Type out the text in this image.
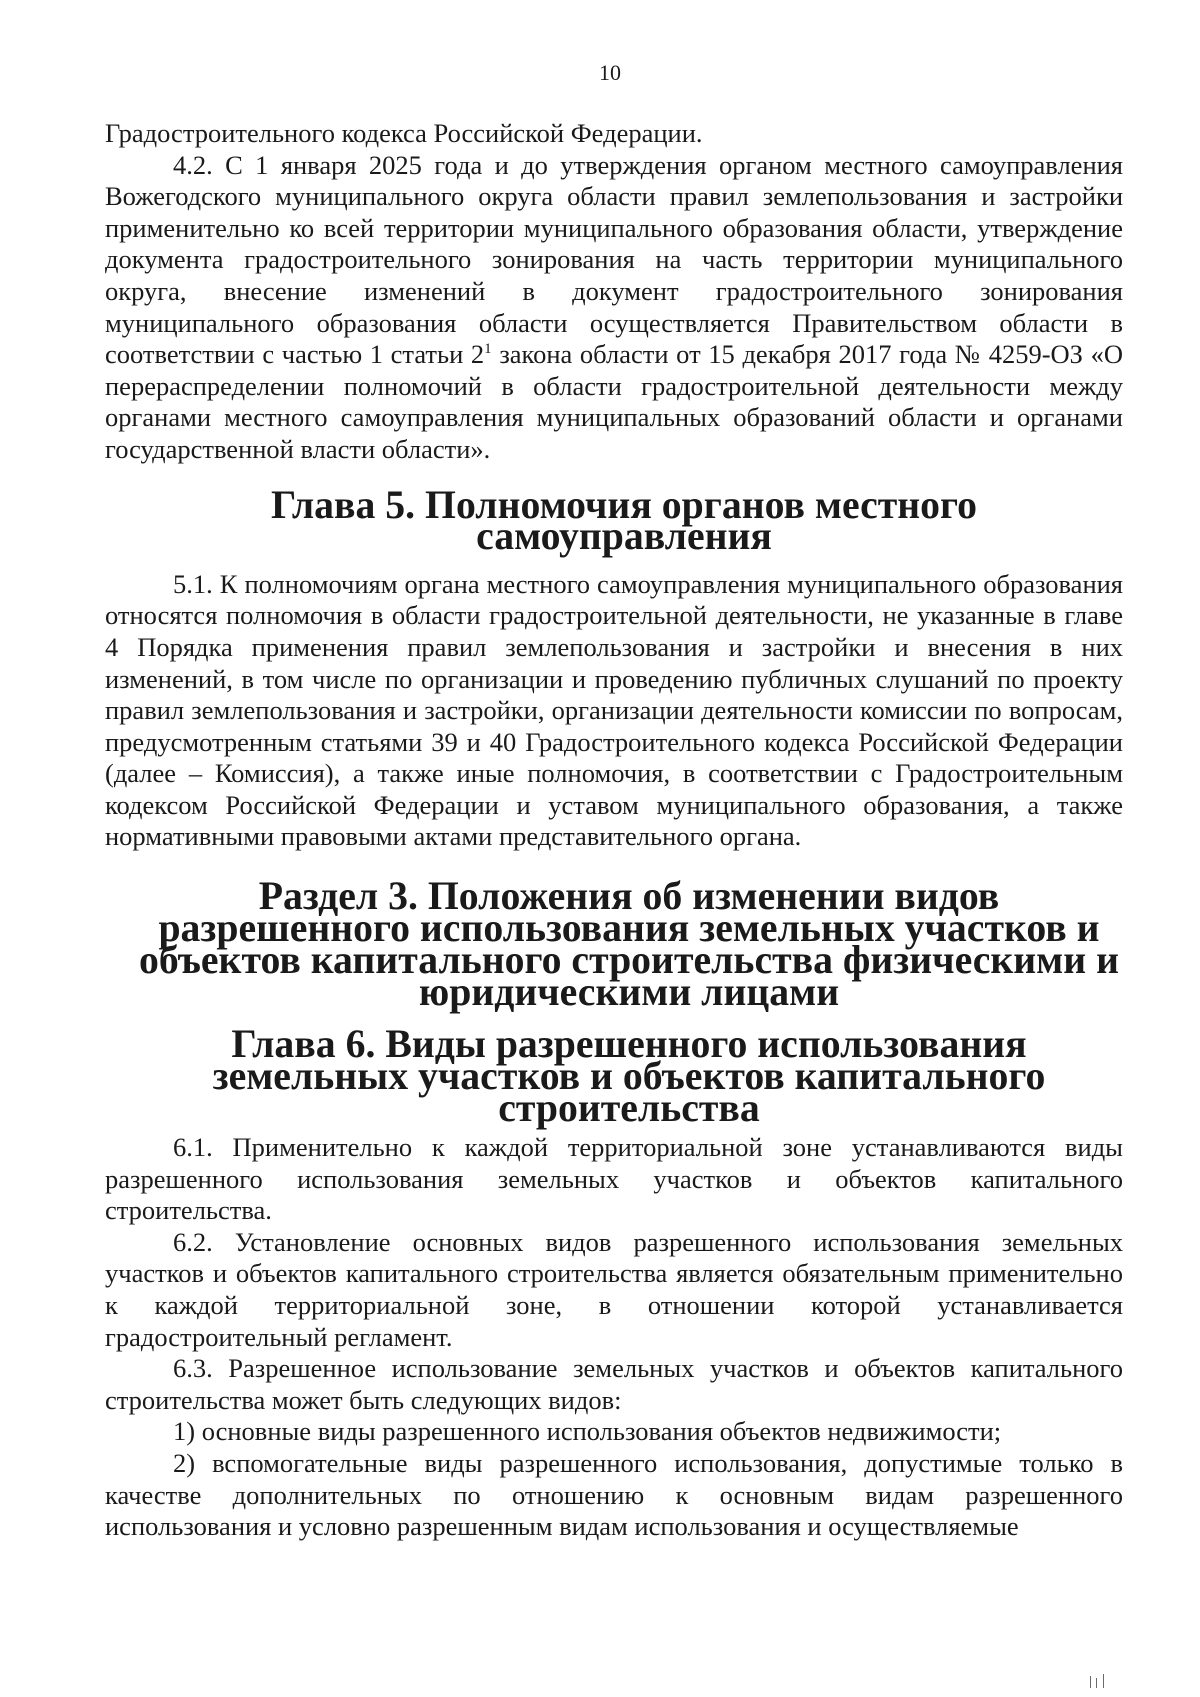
10

Градостроительного кодекса Российской Федерации.

4.2. С 1 января 2025 года и до утверждения органом местного самоуправления Вожегодского муниципального округа области правил землепользования и застройки применительно ко всей территории муниципального образования области, утверждение документа градостроительного зонирования на часть территории муниципального округа, внесение изменений в документ градостроительного зонирования муниципального образования области осуществляется Правительством области в соответствии с частью 1 статьи $2^1$ закона области от 15 декабря 2017 года № 4259-ОЗ «О перераспределении полномочий в области градостроительной деятельности между органами местного самоуправления муниципальных образований области и органами государственной власти области».

Глава 5. Полномочия органов местного самоуправления

5.1. К полномочиям органа местного самоуправления муниципального образования относятся полномочия в области градостроительной деятельности, не указанные в главе 4 Порядка применения правил землепользования и застройки и внесения в них изменений, в том числе по организации и проведению публичных слушаний по проекту правил землепользования и застройки, организации деятельности комиссии по вопросам, предусмотренным статьями 39 и 40 Градостроительного кодекса Российской Федерации (далее – Комиссия), а также иные полномочия, в соответствии с Градостроительным кодексом Российской Федерации и уставом муниципального образования, а также нормативными правовыми актами представительного органа.

Раздел 3. Положения об изменении видов разрешенного использования земельных участков и объектов капитального строительства физическими и юридическими лицами
Глава 6. Виды разрешенного использования земельных участков и объектов капитального строительства

6.1. Применительно к каждой территориальной зоне устанавливаются виды разрешенного использования земельных участков и объектов капитального строительства.

6.2. Установление основных видов разрешенного использования земельных участков и объектов капитального строительства является обязательным применительно к каждой территориальной зоне, в отношении которой устанавливается градостроительный регламент.

6.3. Разрешенное использование земельных участков и объектов капитального строительства может быть следующих видов:

1) основные виды разрешенного использования объектов недвижимости;

2) вспомогательные виды разрешенного использования, допустимые только в качестве дополнительных по отношению к основным видам разрешенного использования и условно разрешенным видам использования и осуществляемые
